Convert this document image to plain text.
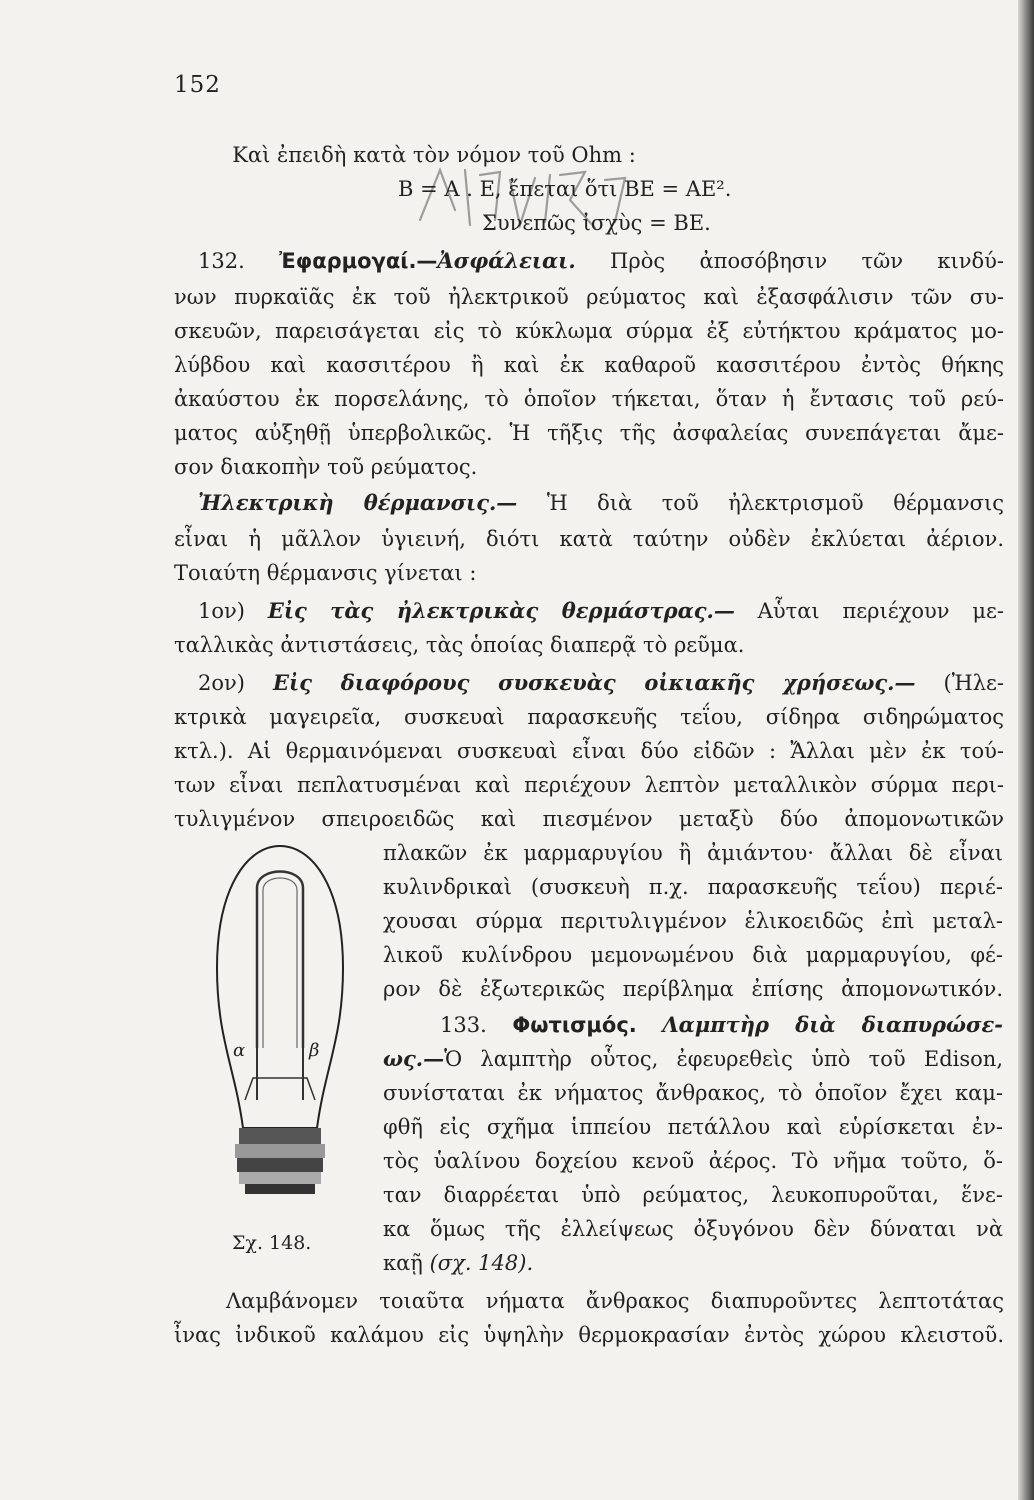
152
Καὶ ἐπειδὴ κατὰ τὸν νόμον τοῦ Ohm :
Β = Α . Ε, ἔπεται ὅτι ΒΕ = ΑΕ².
Συνεπῶς ἰσχὺς = ΒΕ.
132. Ἐφαρμογαί.—Ἀσφάλειαι. Πρὸς ἀποσόβησιν τῶν κινδύ-
νων πυρκαϊᾶς ἐκ τοῦ ἠλεκτρικοῦ ρεύματος καὶ ἐξασφάλισιν τῶν συ-
σκευῶν, παρεισάγεται εἰς τὸ κύκλωμα σύρμα ἐξ εὐτήκτου κράματος μο-
λύβδου καὶ κασσιτέρου ἢ καὶ ἐκ καθαροῦ κασσιτέρου ἐντὸς θήκης
ἀκαύστου ἐκ πορσελάνης, τὸ ὁποῖον τήκεται, ὅταν ἡ ἔντασις τοῦ ρεύ-
ματος αὐξηθῇ ὑπερβολικῶς. Ἡ τῆξις τῆς ἀσφαλείας συνεπάγεται ἄμε-
σον διακοπὴν τοῦ ρεύματος.
Ἠλεκτρικὴ θέρμανσις.— Ἡ διὰ τοῦ ἠλεκτρισμοῦ θέρμανσις
εἶναι ἡ μᾶλλον ὑγιεινή, διότι κατὰ ταύτην οὐδὲν ἐκλύεται ἀέριον.
Τοιαύτη θέρμανσις γίνεται :
1ον) Εἰς τὰς ἠλεκτρικὰς θερμάστρας.— Αὗται περιέχουν με-
ταλλικὰς ἀντιστάσεις, τὰς ὁποίας διαπερᾷ τὸ ρεῦμα.
2ον) Εἰς διαφόρους συσκευὰς οἰκιακῆς χρήσεως.— (Ἠλε-
κτρικὰ μαγειρεῖα, συσκευαὶ παρασκευῆς τεΐου, σίδηρα σιδηρώματος
κτλ.). Αἱ θερμαινόμεναι συσκευαὶ εἶναι δύο εἰδῶν : Ἄλλαι μὲν ἐκ τού-
των εἶναι πεπλατυσμέναι καὶ περιέχουν λεπτὸν μεταλλικὸν σύρμα περι-
τυλιγμένον σπειροειδῶς καὶ πιεσμένον μεταξὺ δύο ἀπομονωτικῶν
πλακῶν ἐκ μαρμαρυγίου ἢ ἀμιάντου· ἄλλαι δὲ εἶναι
κυλινδρικαὶ (συσκευὴ π.χ. παρασκευῆς τεΐου) περιέ-
χουσαι σύρμα περιτυλιγμένον ἑλικοειδῶς ἐπὶ μεταλ-
λικοῦ κυλίνδρου μεμονωμένου διὰ μαρμαρυγίου, φέ-
ρον δὲ ἐξωτερικῶς περίβλημα ἐπίσης ἀπομονωτικόν.
133. Φωτισμός. Λαμπτὴρ διὰ διαπυρώσε-
ως.—Ὁ λαμπτὴρ οὗτος, ἐφευρεθεὶς ὑπὸ τοῦ Edison,
συνίσταται ἐκ νήματος ἄνθρακος, τὸ ὁποῖον ἔχει καμ-
φθῆ εἰς σχῆμα ἱππείου πετάλλου καὶ εὑρίσκεται ἐν-
τὸς ὑαλίνου δοχείου κενοῦ ἀέρος. Τὸ νῆμα τοῦτο, ὅ-
ταν διαρρέεται ὑπὸ ρεύματος, λευκοπυροῦται, ἕνε-
κα ὅμως τῆς ἐλλείψεως ὀξυγόνου δὲν δύναται νὰ
καῇ (σχ. 148).
α	β
Σχ. 148.
Λαμβάνομεν τοιαῦτα νήματα ἄνθρακος διαπυροῦντες λεπτοτάτας
ἶνας ἰνδικοῦ καλάμου εἰς ὑψηλὴν θερμοκρασίαν ἐντὸς χώρου κλειστοῦ.
